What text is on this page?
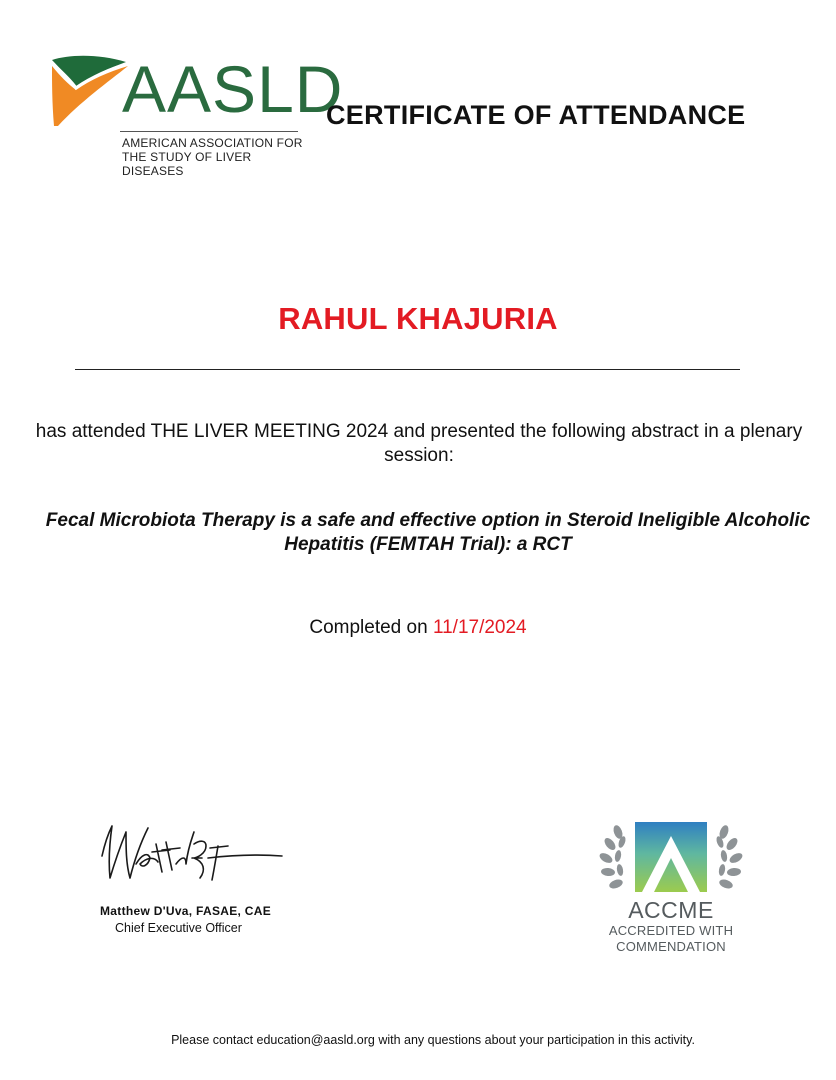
AASLD
AMERICAN ASSOCIATION FOR
THE STUDY OF LIVER DISEASES
CERTIFICATE OF ATTENDANCE
RAHUL KHAJURIA
has attended THE LIVER MEETING 2024 and presented the following abstract in a plenary session:
Fecal Microbiota Therapy is a safe and effective option in Steroid Ineligible Alcoholic Hepatitis (FEMTAH Trial): a RCT
Completed on 11/17/2024
Matthew D'Uva, FASAE, CAE
Chief Executive Officer
ACCME
ACCREDITED WITH
COMMENDATION
Please contact education@aasld.org with any questions about your participation in this activity.
